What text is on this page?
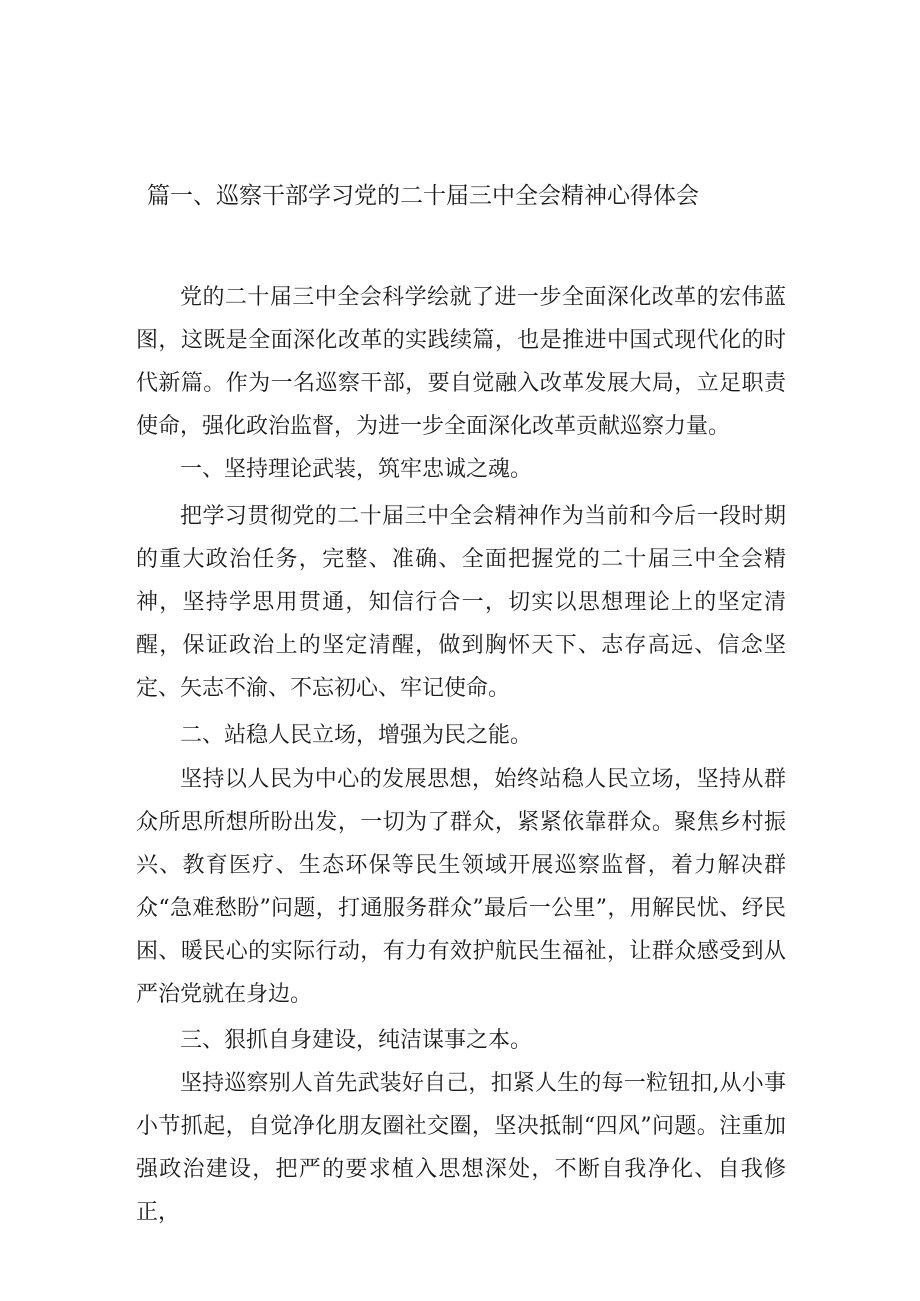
篇一、巡察干部学习党的二十届三中全会精神心得体会

党的二十届三中全会科学绘就了进一步全面深化改革的宏伟蓝图，这既是全面深化改革的实践续篇，也是推进中国式现代化的时代新篇。作为一名巡察干部，要自觉融入改革发展大局，立足职责使命，强化政治监督，为进一步全面深化改革贡献巡察力量。

一、坚持理论武装，筑牢忠诚之魂。

把学习贯彻党的二十届三中全会精神作为当前和今后一段时期的重大政治任务，完整、准确、全面把握党的二十届三中全会精神，坚持学思用贯通，知信行合一，切实以思想理论上的坚定清醒，保证政治上的坚定清醒，做到胸怀天下、志存高远、信念坚定、矢志不渝、不忘初心、牢记使命。

二、站稳人民立场，增强为民之能。

坚持以人民为中心的发展思想，始终站稳人民立场，坚持从群众所思所想所盼出发，一切为了群众，紧紧依靠群众。聚焦乡村振兴、教育医疗、生态环保等民生领域开展巡察监督，着力解决群众“急难愁盼”问题，打通服务群众”最后一公里”，用解民忧、纾民困、暖民心的实际行动，有力有效护航民生福祉，让群众感受到从严治党就在身边。

三、狠抓自身建设，纯洁谋事之本。

坚持巡察别人首先武装好自己，扣紧人生的每一粒钮扣,从小事小节抓起，自觉净化朋友圈社交圈，坚决抵制“四风”问题。注重加强政治建设，把严的要求植入思想深处，不断自我净化、自我修正，
